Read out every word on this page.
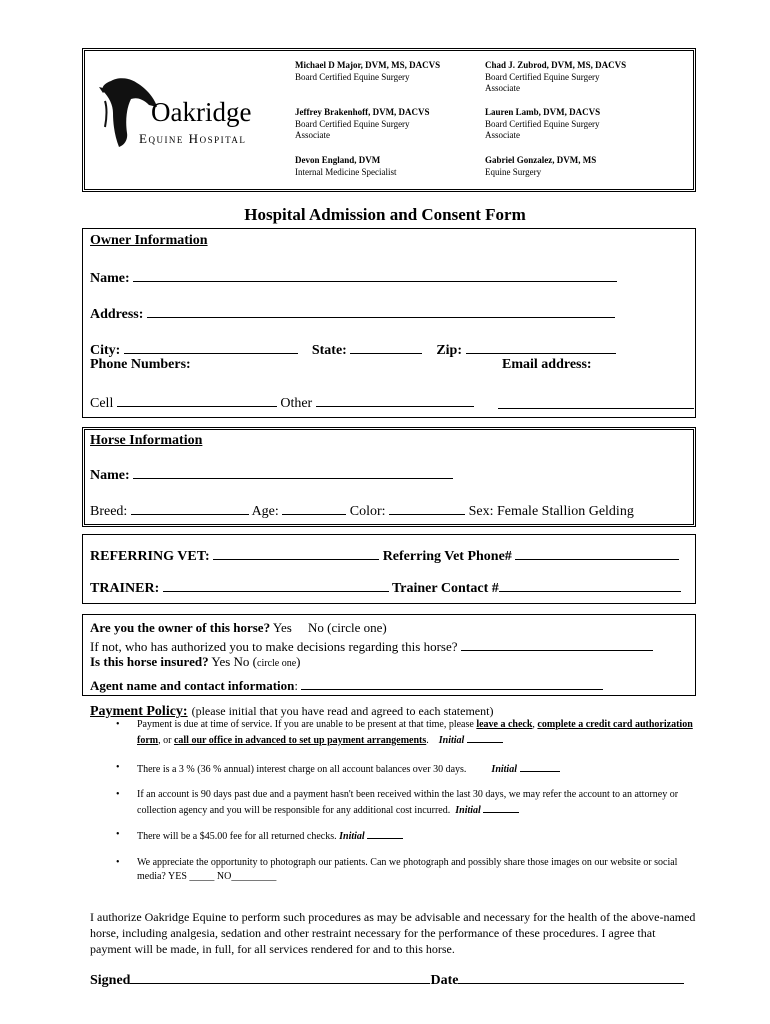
Oakridge
Equine Hospital
Michael D Major, DVM, MS, DACVS
Board Certified Equine Surgery
Chad J. Zubrod, DVM, MS, DACVS
Board Certified Equine Surgery
Associate
Jeffrey Brakenhoff, DVM, DACVS
Board Certified Equine Surgery
Associate
Lauren Lamb, DVM, DACVS
Board Certified Equine Surgery
Associate
Devon England, DVM
Internal Medicine Specialist
Gabriel Gonzalez, DVM, MS
Equine Surgery
Hospital Admission and Consent Form
Owner Information
Name:
Address:
City:	State:	Zip:
Phone Numbers:	Email address:
Cell	Other
Horse Information
Name:
Breed:	Age:	Color:	Sex: Female Stallion Gelding
REFERRING VET:	Referring Vet Phone#
TRAINER:	Trainer Contact #
Are you the owner of this horse? Yes     No (circle one)
If not, who has authorized you to make decisions regarding this horse?
Is this horse insured? Yes No (circle one)
Agent name and contact information:
Payment Policy: (please initial that you have read and agreed to each statement)
• Payment is due at time of service. If you are unable to be present at that time, please leave a check, complete a credit card authorization form, or call our office in advanced to set up payment arrangements. Initial
• There is a 3 % (36 % annual) interest charge on all account balances over 30 days.	Initial
• If an account is 90 days past due and a payment hasn't been received within the last 30 days, we may refer the account to an attorney or collection agency and you will be responsible for any additional cost incurred. Initial
• There will be a $45.00 fee for all returned checks. Initial
• We appreciate the opportunity to photograph our patients. Can we photograph and possibly share those images on our website or social media? YES _____ NO_________
I authorize Oakridge Equine to perform such procedures as may be advisable and necessary for the health of the above-named horse, including analgesia, sedation and other restraint necessary for the performance of these procedures. I agree that payment will be made, in full, for all services rendered for and to this horse.
Signed	Date
